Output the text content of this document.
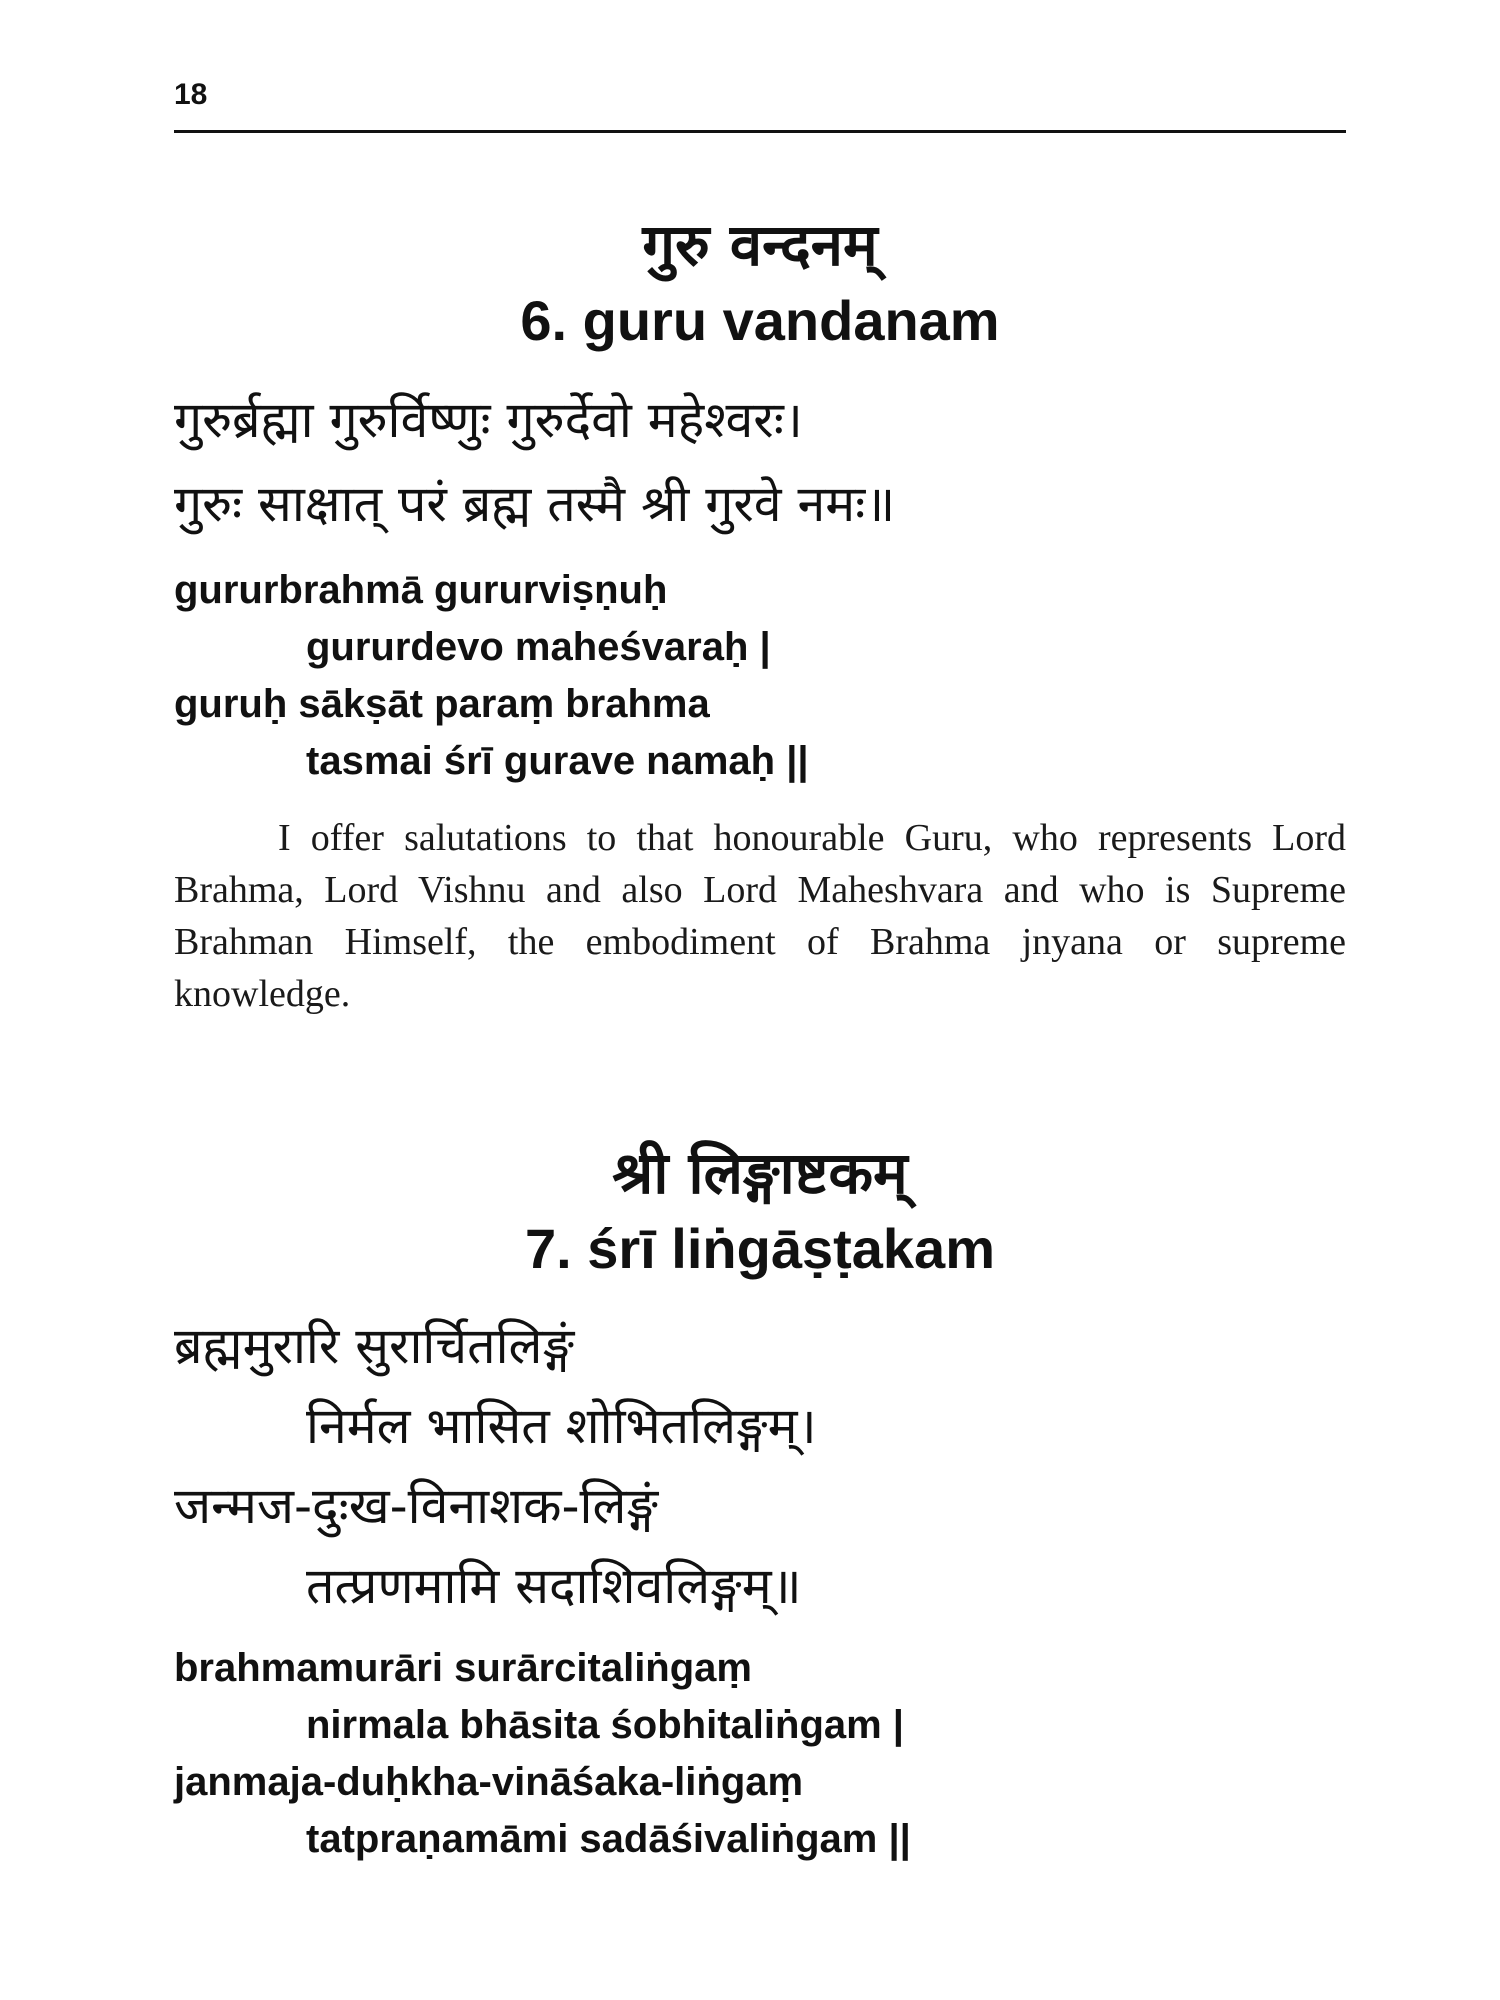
18
गुरु वन्दनम्
6. guru vandanam

गुरुर्ब्रह्मा गुरुर्विष्णुः गुरुर्देवो महेश्वरः।

गुरुः साक्षात् परं ब्रह्म तस्मै श्री गुरवे नमः॥

gururbrahmā gururviṣṇuḥ

gururdevo maheśvaraḥ |

guruḥ sākṣāt paraṃ brahma

tasmai śrī gurave namaḥ ||

I offer salutations to that honourable Guru, who represents Lord Brahma, Lord Vishnu and also Lord Maheshvara and who is Supreme Brahman Himself, the embodiment of Brahma jnyana or supreme knowledge.

श्री लिङ्गाष्टकम्
7. śrī liṅgāṣṭakam

ब्रह्ममुरारि सुरार्चितलिङ्गं

निर्मल भासित शोभितलिङ्गम्।

जन्मज-दुःख-विनाशक-लिङ्गं

तत्प्रणमामि सदाशिवलिङ्गम्॥

brahmamurāri surārcitaliṅgaṃ

nirmala bhāsita śobhitaliṅgam |

janmaja-duḥkha-vināśaka-liṅgaṃ

tatpraṇamāmi sadāśivaliṅgam ||
